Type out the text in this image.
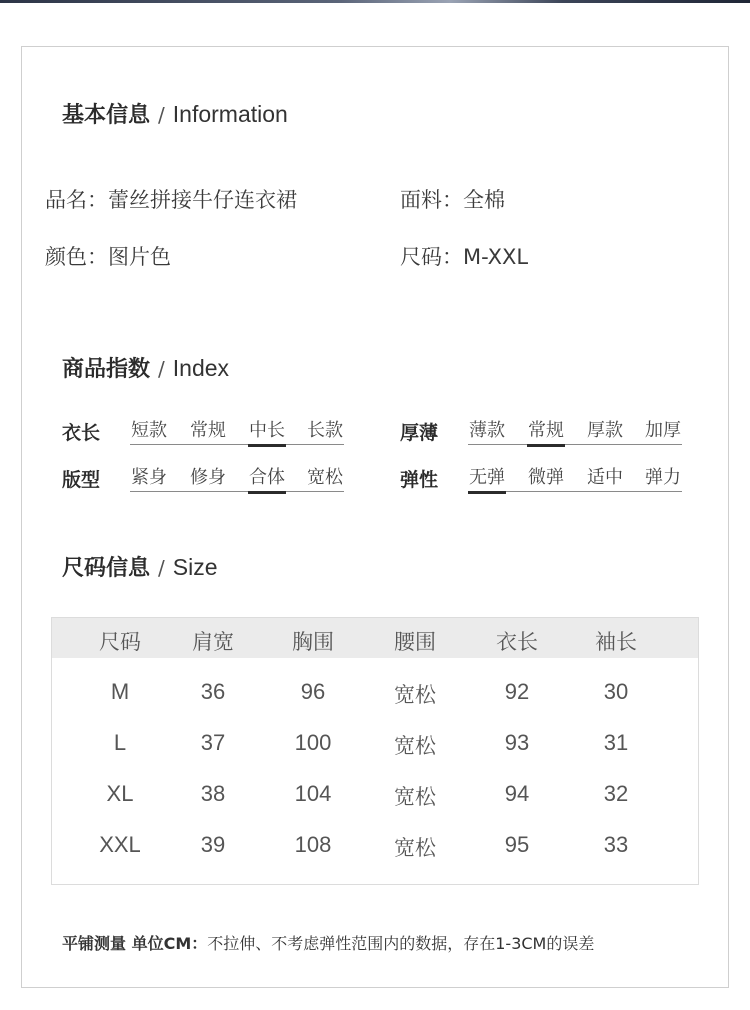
基本信息 / Information
品名：蕾丝拼接牛仔连衣裙	面料：全棉
颜色：图片色	尺码：M-XXL
商品指数 / Index
衣长 短款 常规 中长 长款	厚薄 薄款 常规 厚款 加厚
版型 紧身 修身 合体 宽松	弹性 无弹 微弹 适中 弹力
尺码信息 / Size
尺码	肩宽	胸围	腰围	衣长	袖长
M	36	96	宽松	92	30
L	37	100	宽松	93	31
XL	38	104	宽松	94	32
XXL	39	108	宽松	95	33
平铺测量 单位CM：不拉伸、不考虑弹性范围内的数据，存在1-3CM的误差
